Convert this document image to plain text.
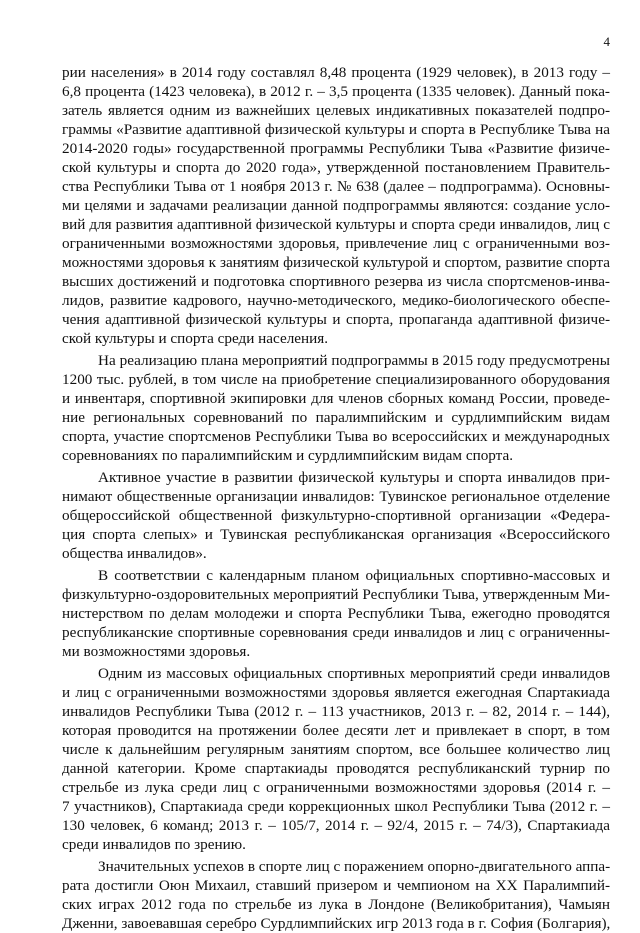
4
рии населения» в 2014 году составлял 8,48 процента (1929 человек), в 2013 году –
6,8 процента (1423 человека), в 2012 г. – 3,5 процента (1335 человек). Данный пока-
затель является одним из важнейших целевых индикативных показателей подпро-
граммы «Развитие адаптивной физической культуры и спорта в Республике Тыва на
2014-2020 годы» государственной программы Республики Тыва «Развитие физиче-
ской культуры и спорта до 2020 года», утвержденной постановлением Правитель-
ства Республики Тыва от 1 ноября 2013 г. № 638 (далее – подпрограмма). Основны-
ми целями и задачами реализации данной подпрограммы являются: создание усло-
вий для развития адаптивной физической культуры и спорта среди инвалидов, лиц с
ограниченными возможностями здоровья, привлечение лиц с ограниченными воз-
можностями здоровья к занятиям физической культурой и спортом, развитие спорта
высших достижений и подготовка спортивного резерва из числа спортсменов-инва-
лидов, развитие кадрового, научно-методического, медико-биологического обеспе-
чения адаптивной физической культуры и спорта, пропаганда адаптивной физиче-
ской культуры и спорта среди населения.
На реализацию плана мероприятий подпрограммы в 2015 году предусмотрены
1200 тыс. рублей, в том числе на приобретение специализированного оборудования
и инвентаря, спортивной экипировки для членов сборных команд России, проведе-
ние региональных соревнований по паралимпийским и сурдлимпийским видам
спорта, участие спортсменов Республики Тыва во всероссийских и международных
соревнованиях по паралимпийским и сурдлимпийским видам спорта.
Активное участие в развитии физической культуры и спорта инвалидов при-
нимают общественные организации инвалидов: Тувинское региональное отделение
общероссийской общественной физкультурно-спортивной организации «Федера-
ция спорта слепых» и Тувинская республиканская организация «Всероссийского
общества инвалидов».
В соответствии с календарным планом официальных спортивно-массовых и
физкультурно-оздоровительных мероприятий Республики Тыва, утвержденным Ми-
нистерством по делам молодежи и спорта Республики Тыва, ежегодно проводятся
республиканские спортивные соревнования среди инвалидов и лиц с ограниченны-
ми возможностями здоровья.
Одним из массовых официальных спортивных мероприятий среди инвалидов
и лиц с ограниченными возможностями здоровья является ежегодная Спартакиада
инвалидов Республики Тыва (2012 г. – 113 участников, 2013 г. – 82, 2014 г. – 144),
которая проводится на протяжении более десяти лет и привлекает в спорт, в том
числе к дальнейшим регулярным занятиям спортом, все большее количество лиц
данной категории. Кроме спартакиады проводятся республиканский турнир по
стрельбе из лука среди лиц с ограниченными возможностями здоровья (2014 г. –
7 участников), Спартакиада среди коррекционных школ Республики Тыва (2012 г. –
130 человек, 6 команд; 2013 г. – 105/7, 2014 г. – 92/4, 2015 г. – 74/3), Спартакиада
среди инвалидов по зрению.
Значительных успехов в спорте лиц с поражением опорно-двигательного аппа-
рата достигли Оюн Михаил, ставший призером и чемпионом на XX Паралимпий-
ских играх 2012 года по стрельбе из лука в Лондоне (Великобритания), Чамыян
Дженни, завоевавшая серебро Сурдлимпийских игр 2013 года в г. София (Болгария),
